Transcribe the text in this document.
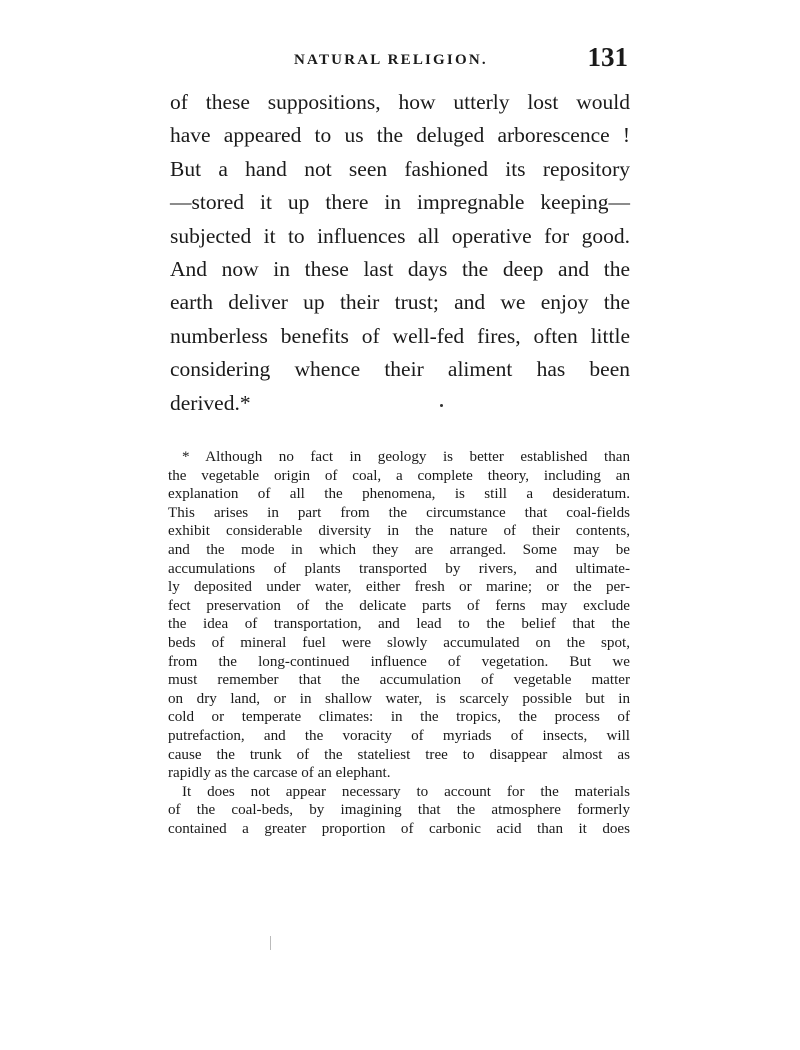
NATURAL RELIGION.	131
of these suppositions, how utterly lost would
have appeared to us the deluged arborescence !
But a hand not seen fashioned its repository
—stored it up there in impregnable keeping—
subjected it to influences all operative for good.
And now in these last days the deep and the
earth deliver up their trust; and we enjoy the
numberless benefits of well-fed fires, often little
considering whence their aliment has been
derived.*
* Although no fact in geology is better established than
the vegetable origin of coal, a complete theory, including an
explanation of all the phenomena, is still a desideratum.
This arises in part from the circumstance that coal-fields
exhibit considerable diversity in the nature of their contents,
and the mode in which they are arranged. Some may be
accumulations of plants transported by rivers, and ultimate-
ly deposited under water, either fresh or marine; or the per-
fect preservation of the delicate parts of ferns may exclude
the idea of transportation, and lead to the belief that the
beds of mineral fuel were slowly accumulated on the spot,
from the long-continued influence of vegetation. But we
must remember that the accumulation of vegetable matter
on dry land, or in shallow water, is scarcely possible but in
cold or temperate climates: in the tropics, the process of
putrefaction, and the voracity of myriads of insects, will
cause the trunk of the stateliest tree to disappear almost as
rapidly as the carcase of an elephant.
It does not appear necessary to account for the materials
of the coal-beds, by imagining that the atmosphere formerly
contained a greater proportion of carbonic acid than it does
